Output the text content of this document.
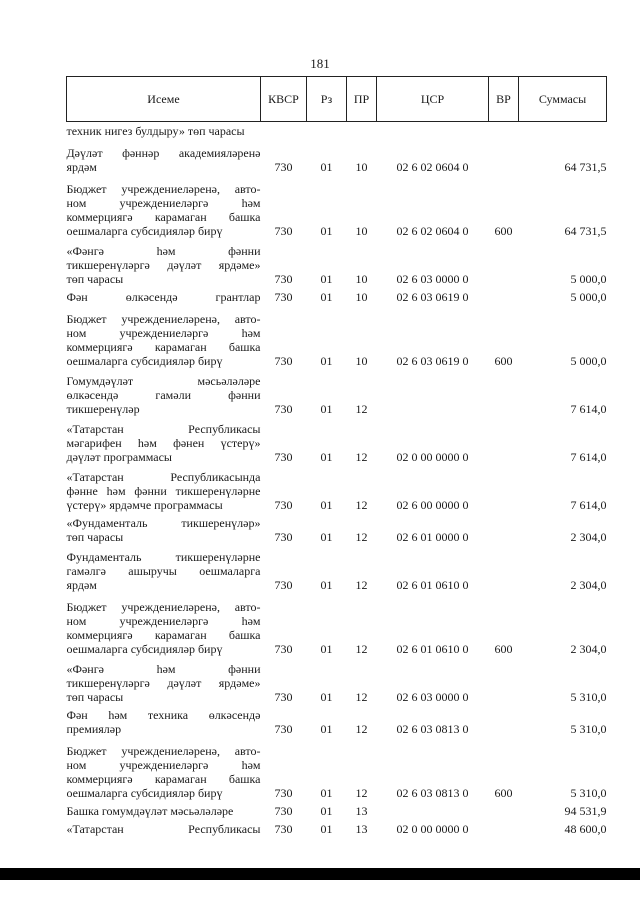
181
Исеме	КВСР	Рз	ПР	ЦСР	ВР	Суммасы

техник нигез булдыру» төп чарасы						

Дәүләт фәннәр академияләренә
ярдәм	730	01	10	02 6 02 0604 0		64 731,5

Бюджет учреждениеләренә, авто-
ном учреждениеләргә һәм
коммерциягә карамаган башка
оешмаларга субсидияләр бирү	730	01	10	02 6 02 0604 0	600	64 731,5

«Фәнгә һәм фәнни
тикшеренүләргә дәүләт ярдәме»
төп чарасы	730	01	10	02 6 03 0000 0		5 000,0

Фән өлкәсендә грантлар	730	01	10	02 6 03 0619 0		5 000,0

Бюджет учреждениеләренә, авто-
ном учреждениеләргә һәм
коммерциягә карамаган башка
оешмаларга субсидияләр бирү	730	01	10	02 6 03 0619 0	600	5 000,0

Гомумдәүләт мәсьәләләре
өлкәсендә гамәли фәнни
тикшеренүләр	730	01	12			7 614,0

«Татарстан Республикасы
мәгарифен һәм фәнен үстерү»
дәүләт программасы	730	01	12	02 0 00 0000 0		7 614,0

«Татарстан Республикасында
фәнне һәм фәнни тикшеренүләрне
үстерү» ярдәмче программасы	730	01	12	02 6 00 0000 0		7 614,0

«Фундаменталь тикшеренүләр»
төп чарасы	730	01	12	02 6 01 0000 0		2 304,0

Фундаменталь тикшеренүләрне
гамәлгә ашыручы оешмаларга
ярдәм	730	01	12	02 6 01 0610 0		2 304,0

Бюджет учреждениеләренә, авто-
ном учреждениеләргә һәм
коммерциягә карамаган башка
оешмаларга субсидияләр бирү	730	01	12	02 6 01 0610 0	600	2 304,0

«Фәнгә һәм фәнни
тикшеренүләргә дәүләт ярдәме»
төп чарасы	730	01	12	02 6 03 0000 0		5 310,0

Фән һәм техника өлкәсендә
премияләр	730	01	12	02 6 03 0813 0		5 310,0

Бюджет учреждениеләренә, авто-
ном учреждениеләргә һәм
коммерциягә карамаган башка
оешмаларга субсидияләр бирү	730	01	12	02 6 03 0813 0	600	5 310,0

Башка гомумдәүләт мәсьәләләре	730	01	13			94 531,9

«Татарстан Республикасы	730	01	13	02 0 00 0000 0		48 600,0
